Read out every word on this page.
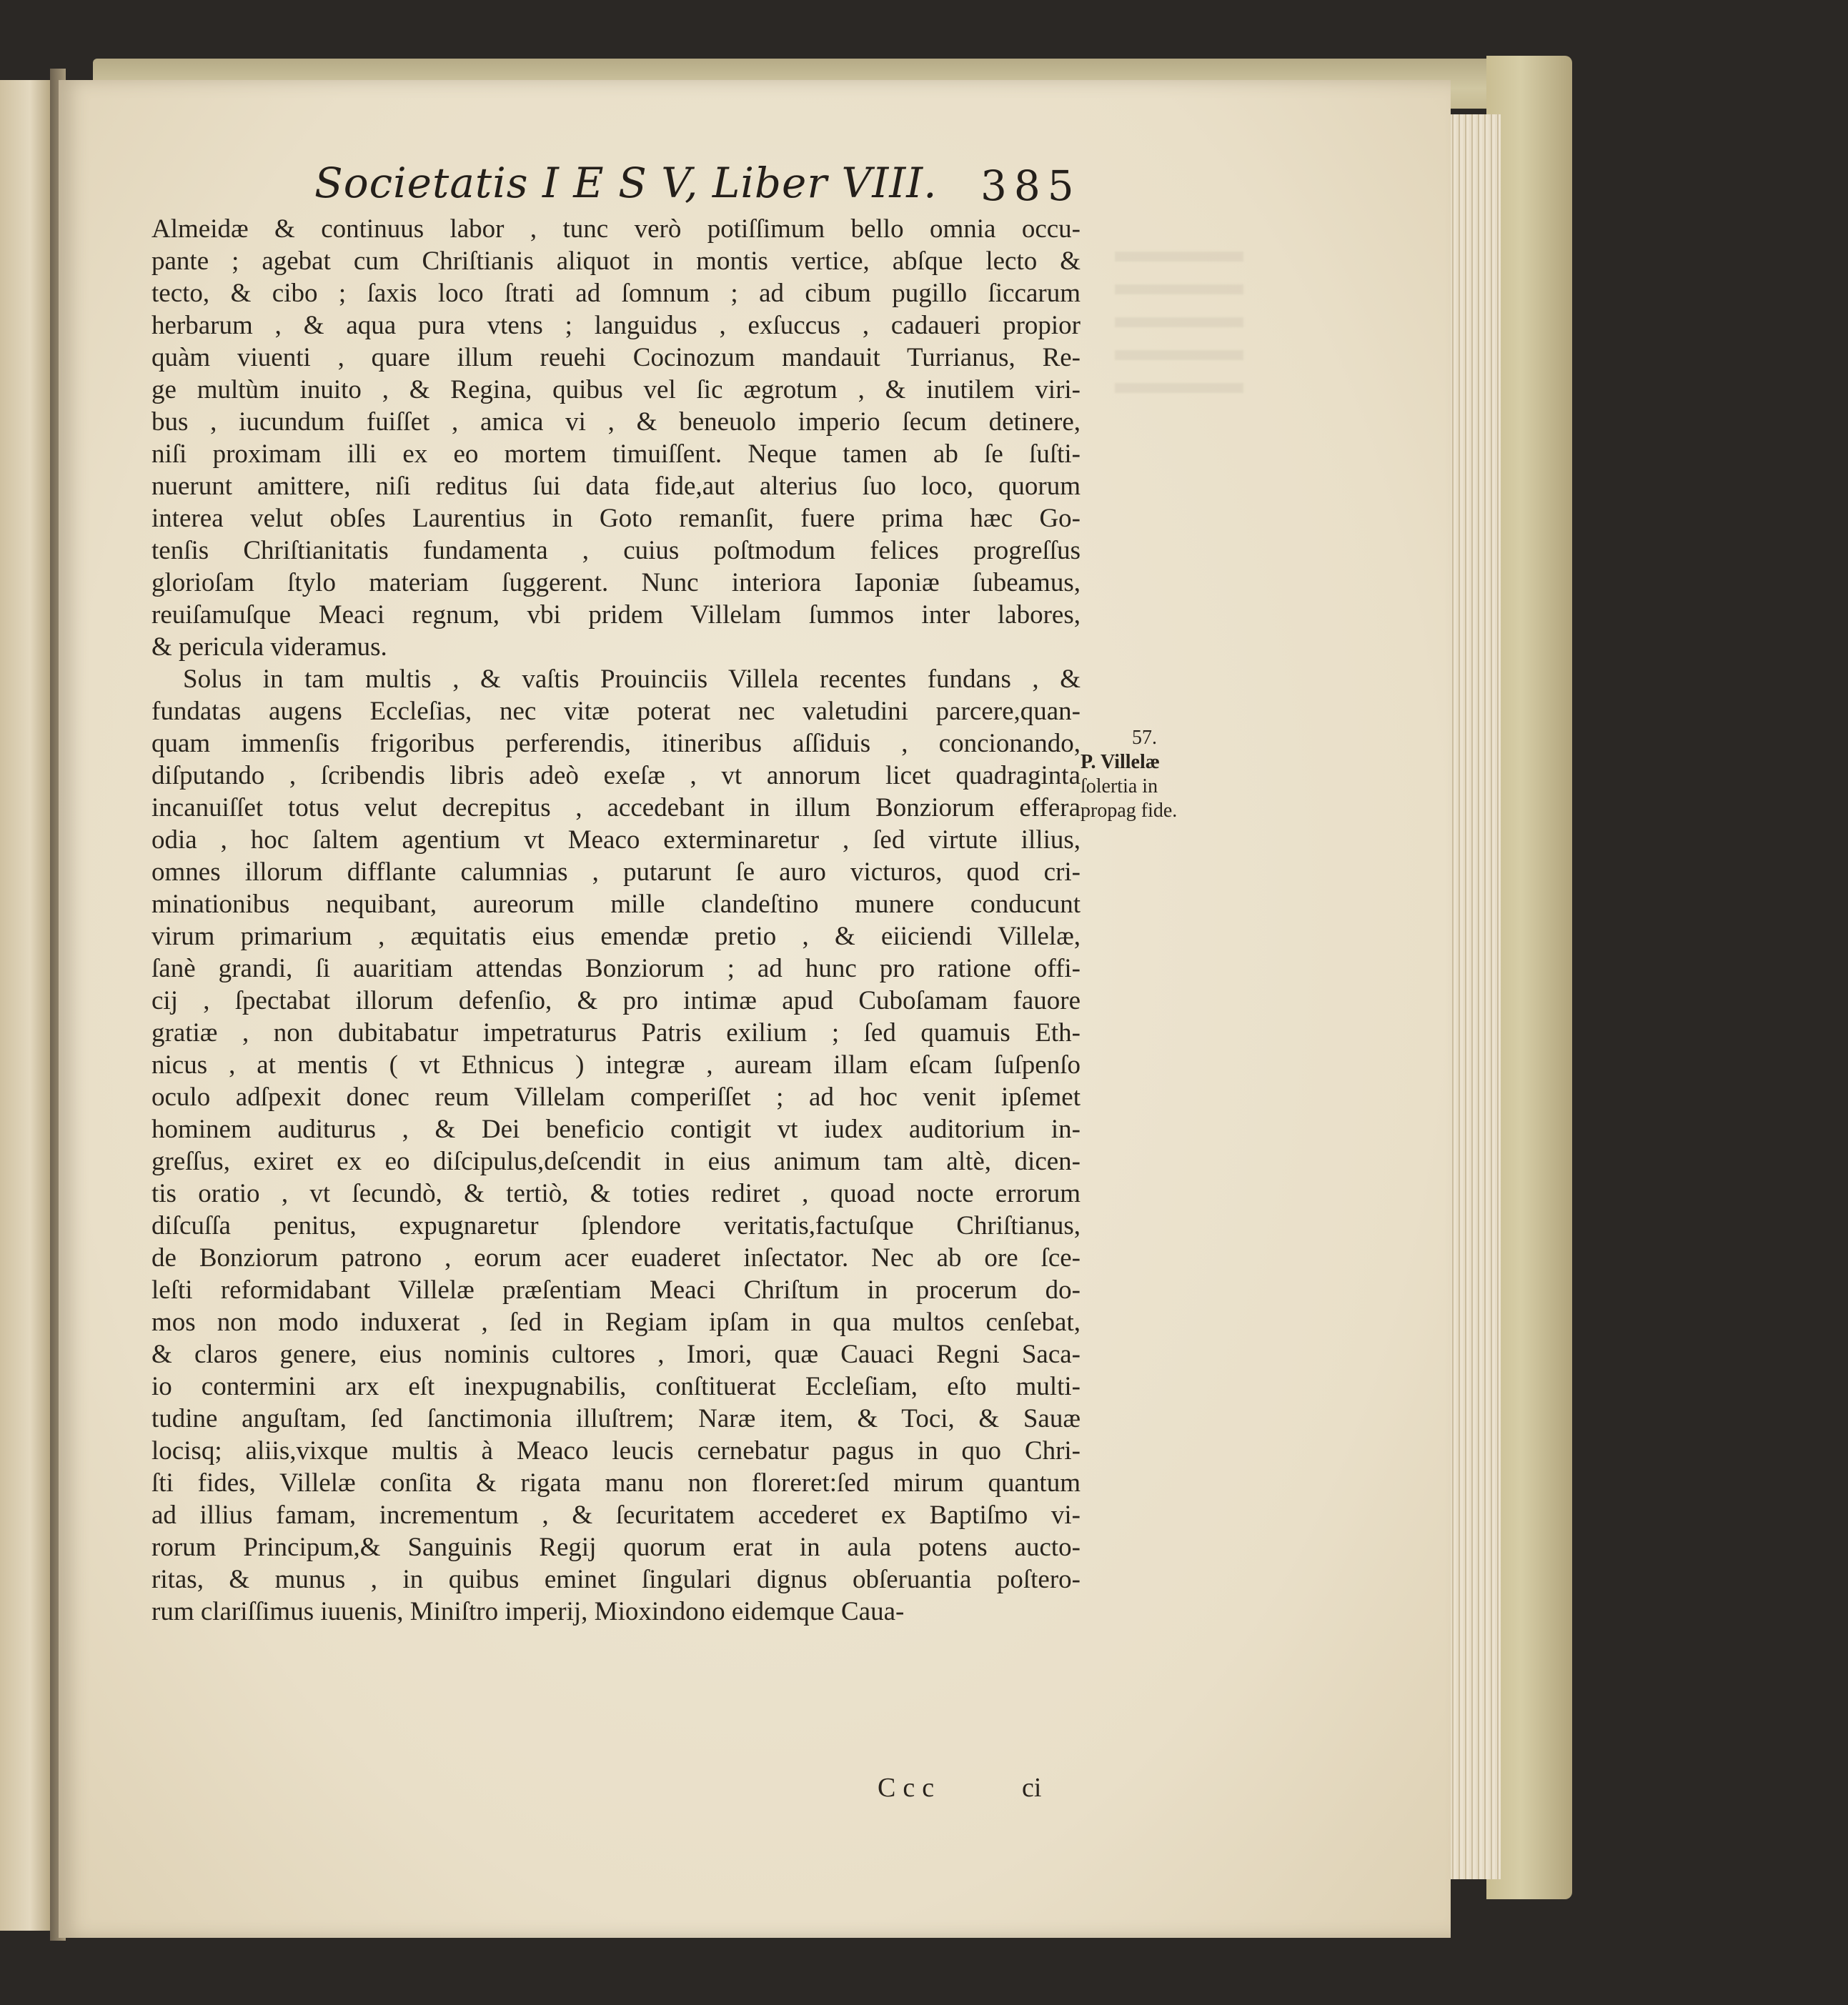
Societatis I E S V, Liber VIII. 385
Almeidæ & continuus labor , tunc verò potiſſimum bello omnia occu-
pante ; agebat cum Chriſtianis aliquot in montis vertice, abſque lecto &
tecto, & cibo ; ſaxis loco ſtrati ad ſomnum ; ad cibum pugillo ſiccarum
herbarum , & aqua pura vtens ; languidus , exſuccus , cadaueri propior
quàm viuenti , quare illum reuehi Cocinozum mandauit Turrianus, Re-
ge multùm inuito , & Regina, quibus vel ſic ægrotum , & inutilem viri-
bus , iucundum fuiſſet , amica vi , & beneuolo imperio ſecum detinere,
niſi proximam illi ex eo mortem timuiſſent. Neque tamen ab ſe ſuſti-
nuerunt amittere, niſi reditus ſui data fide,aut alterius ſuo loco, quorum
interea velut obſes Laurentius in Goto remanſit, fuere prima hæc Go-
tenſis Chriſtianitatis fundamenta , cuius poſtmodum felices progreſſus
glorioſam ſtylo materiam ſuggerent. Nunc interiora Iaponiæ ſubeamus,
reuiſamuſque Meaci regnum, vbi pridem Villelam ſummos inter labores,
& pericula videramus.
Solus in tam multis , & vaſtis Prouinciis Villela recentes fundans , &
fundatas augens Eccleſias, nec vitæ poterat nec valetudini parcere,quan-
quam immenſis frigoribus perferendis, itineribus aſſiduis , concionando,
diſputando , ſcribendis libris adeò exeſæ , vt annorum licet quadraginta
incanuiſſet totus velut decrepitus , accedebant in illum Bonziorum effera
odia , hoc ſaltem agentium vt Meaco exterminaretur , ſed virtute illius,
omnes illorum difflante calumnias , putarunt ſe auro victuros, quod cri-
minationibus nequibant, aureorum mille clandeſtino munere conducunt
virum primarium , æquitatis eius emendæ pretio , & eiiciendi Villelæ,
ſanè grandi, ſi auaritiam attendas Bonziorum ; ad hunc pro ratione offi-
cij , ſpectabat illorum defenſio, & pro intimæ apud Cuboſamam fauore
gratiæ , non dubitabatur impetraturus Patris exilium ; ſed quamuis Eth-
nicus , at mentis ( vt Ethnicus ) integræ , auream illam eſcam ſuſpenſo
oculo adſpexit donec reum Villelam comperiſſet ; ad hoc venit ipſemet
hominem auditurus , & Dei beneficio contigit vt iudex auditorium in-
greſſus, exiret ex eo diſcipulus,deſcendit in eius animum tam altè, dicen-
tis oratio , vt ſecundò, & tertiò, & toties rediret , quoad nocte errorum
diſcuſſa penitus, expugnaretur ſplendore veritatis,factuſque Chriſtianus,
de Bonziorum patrono , eorum acer euaderet inſectator. Nec ab ore ſce-
leſti reformidabant Villelæ præſentiam Meaci Chriſtum in procerum do-
mos non modo induxerat , ſed in Regiam ipſam in qua multos cenſebat,
& claros genere, eius nominis cultores , Imori, quæ Cauaci Regni Saca-
io contermini arx eſt inexpugnabilis, conſtituerat Eccleſiam, eſto multi-
tudine anguſtam, ſed ſanctimonia illuſtrem; Naræ item, & Toci, & Sauæ
locisq; aliis,vixque multis à Meaco leucis cernebatur pagus in quo Chri-
ſti fides, Villelæ conſita & rigata manu non floreret:ſed mirum quantum
ad illius famam, incrementum , & ſecuritatem accederet ex Baptiſmo vi-
rorum Principum,& Sanguinis Regij quorum erat in aula potens aucto-
ritas, & munus , in quibus eminet ſingulari dignus obſeruantia poſtero-
rum clariſſimus iuuenis, Miniſtro imperij, Mioxindono eidemque Caua-
57.
P. Villelæ
ſolertia in
propag fide.
Ccc	ci
